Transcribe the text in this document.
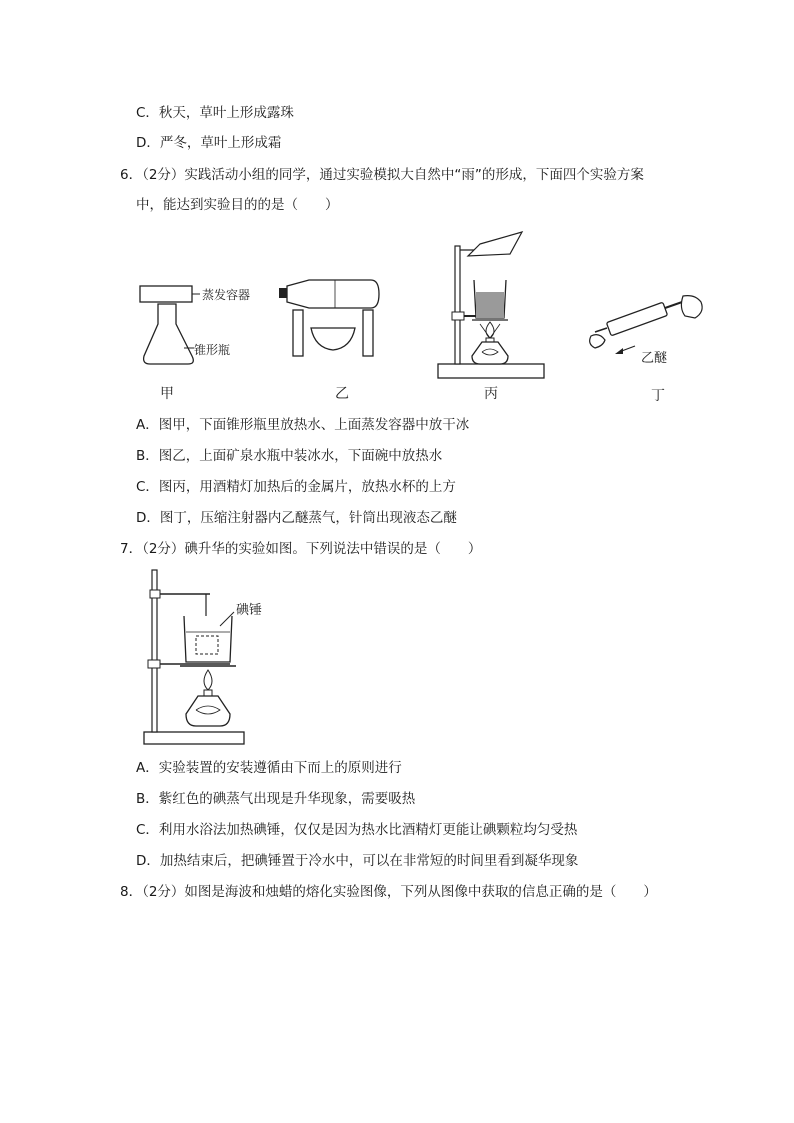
C．秋天，草叶上形成露珠
D．严冬，草叶上形成霜
6．（2分）实践活动小组的同学，通过实验模拟大自然中“雨”的形成，下面四个实验方案
中，能达到实验目的的是（　　）
蒸发容器
锥形瓶
甲	乙	丙
乙醚
丁
A．图甲，下面锥形瓶里放热水、上面蒸发容器中放干冰
B．图乙，上面矿泉水瓶中装冰水，下面碗中放热水
C．图丙，用酒精灯加热后的金属片，放热水杯的上方
D．图丁，压缩注射器内乙醚蒸气，针筒出现液态乙醚
7．（2分）碘升华的实验如图。下列说法中错误的是（　　）
碘锤
A．实验装置的安装遵循由下而上的原则进行
B．紫红色的碘蒸气出现是升华现象，需要吸热
C．利用水浴法加热碘锤，仅仅是因为热水比酒精灯更能让碘颗粒均匀受热
D．加热结束后，把碘锤置于冷水中，可以在非常短的时间里看到凝华现象
8．（2分）如图是海波和烛蜡的熔化实验图像，下列从图像中获取的信息正确的是（　　）
